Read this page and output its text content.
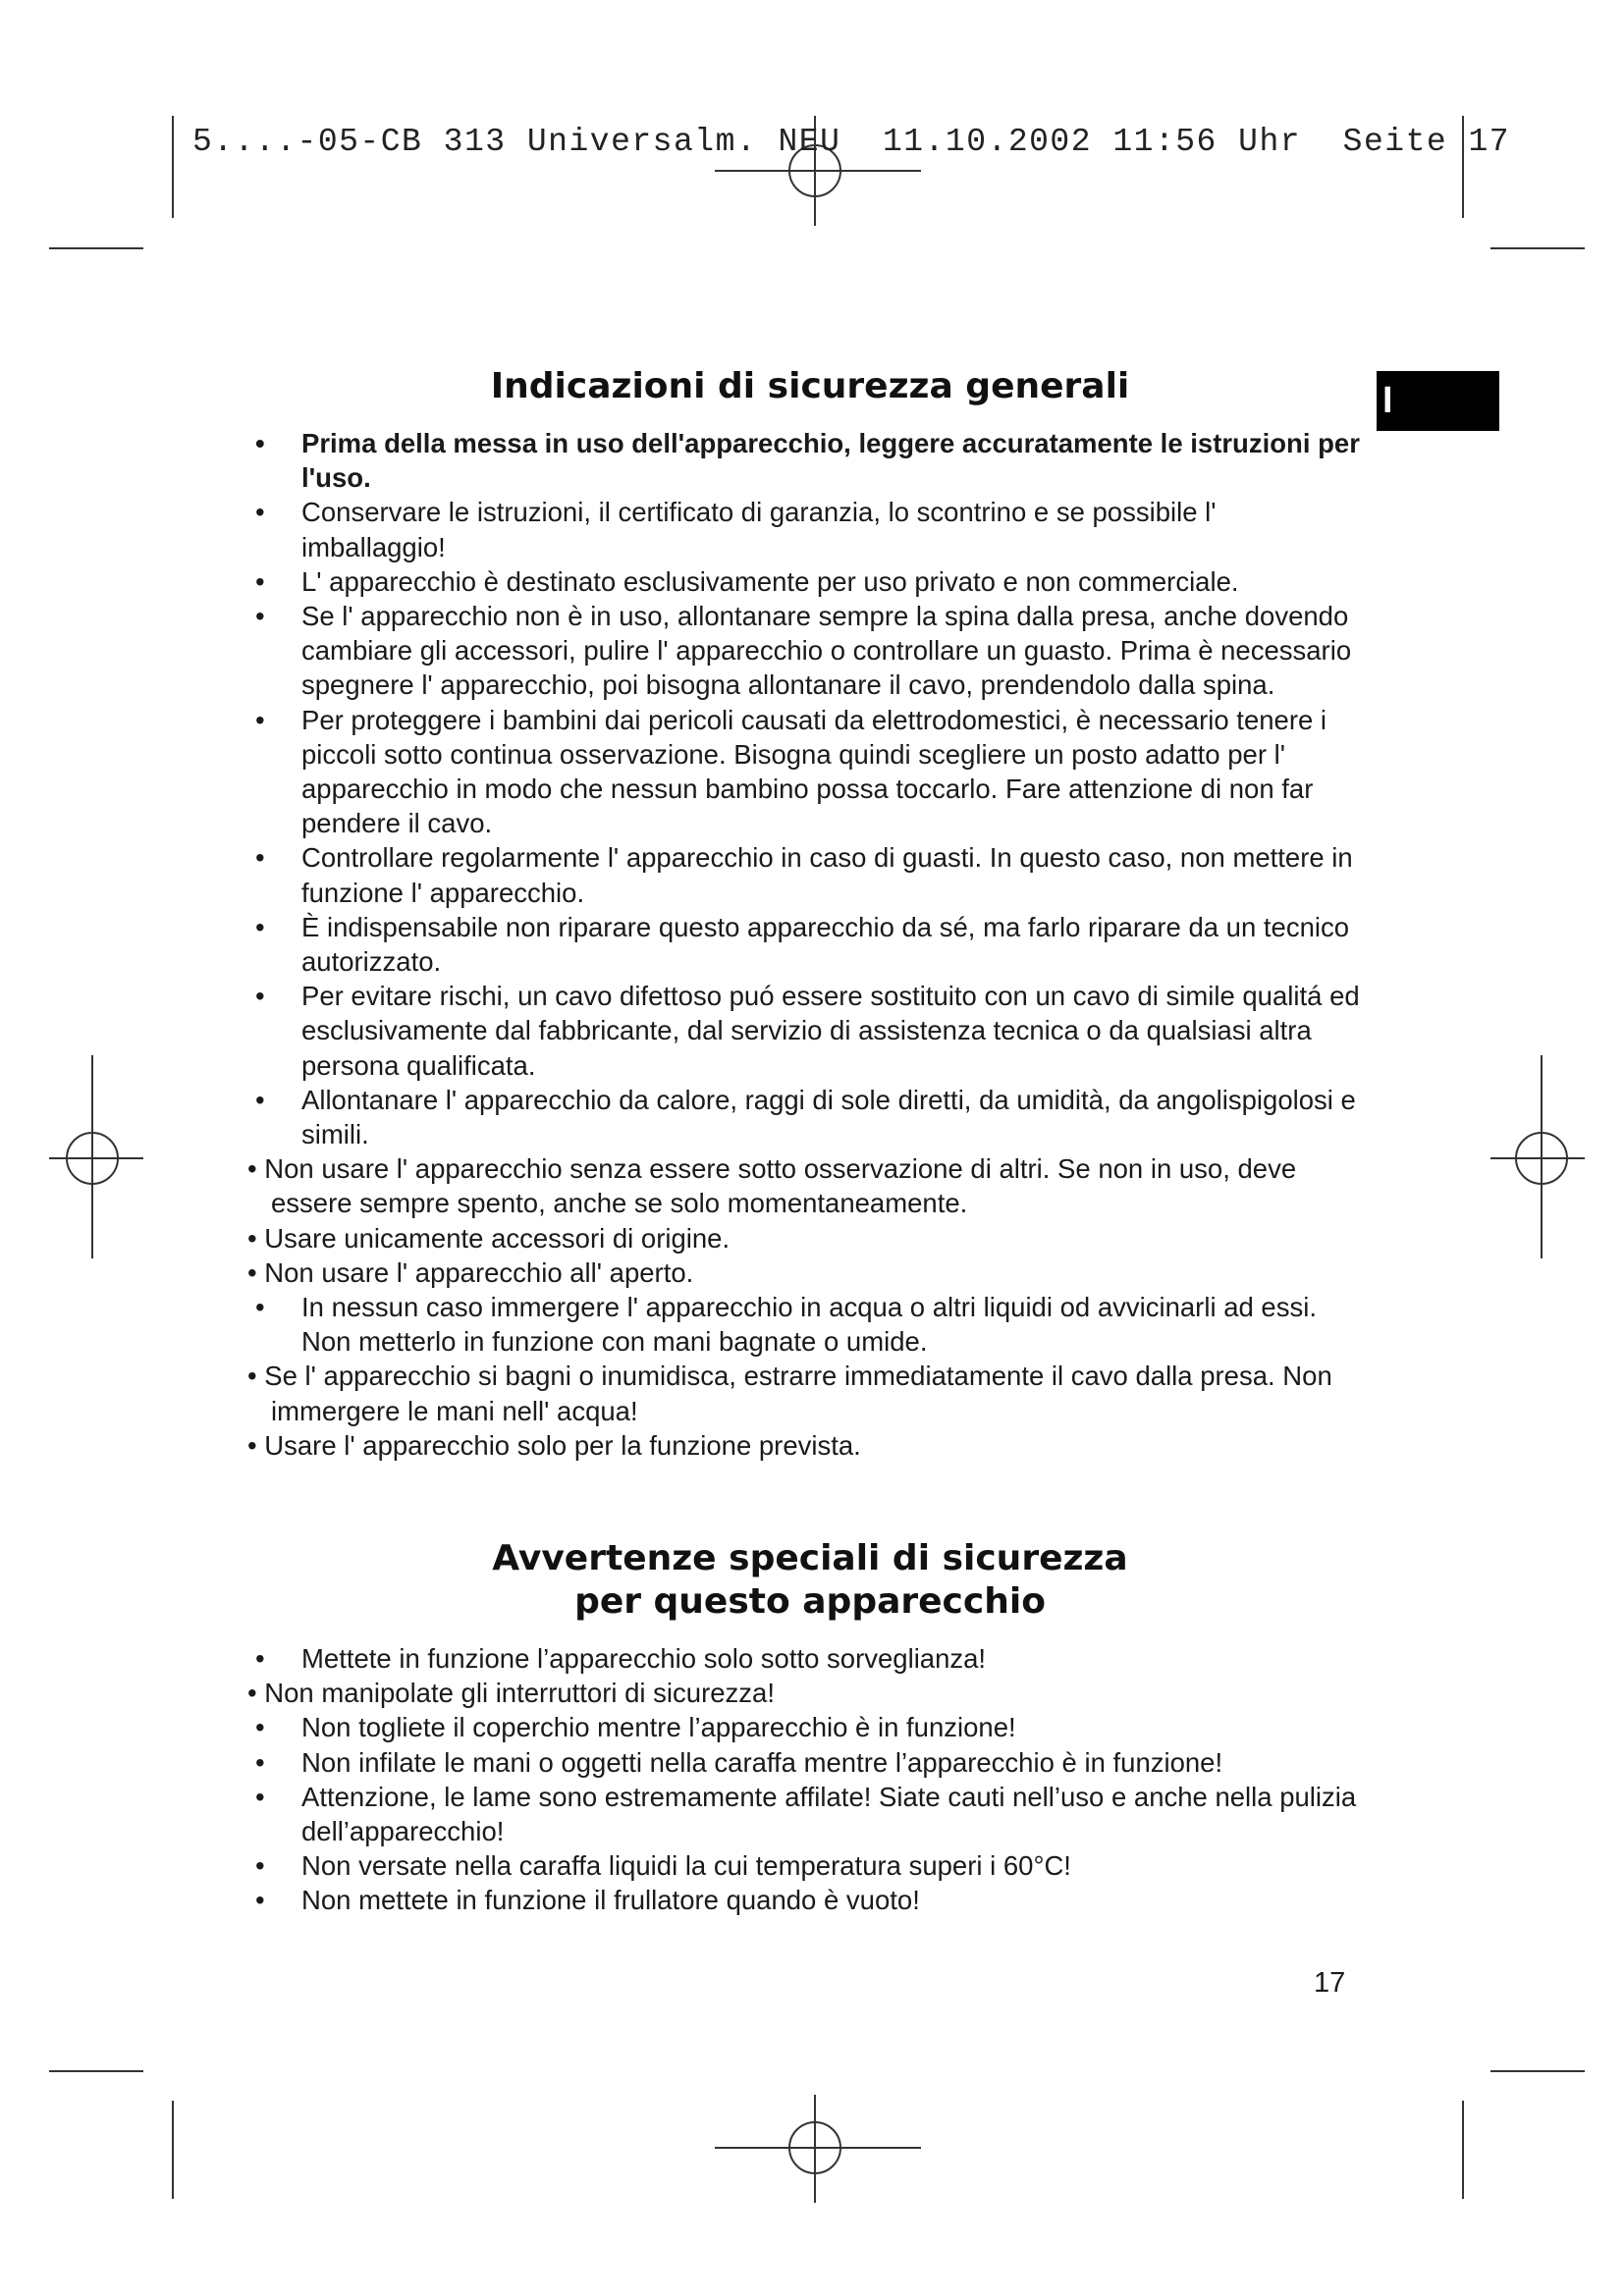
5....-05-CB 313 Universalm. NEU  11.10.2002 11:56 Uhr  Seite 17
I
Indicazioni di sicurezza generali
• Prima della messa in uso dell'apparecchio, leggere accuratamente le istruzioni per l'uso.
• Conservare le istruzioni, il certificato di garanzia, lo scontrino e se possibile l' imballaggio!
• L' apparecchio è destinato esclusivamente per uso privato e non commerciale.
• Se l' apparecchio non è in uso, allontanare sempre la spina dalla presa, anche dovendo cambiare gli accessori, pulire l' apparecchio o controllare un guasto. Prima è necessario spegnere l' apparecchio, poi bisogna allontanare il cavo, prendendolo dalla spina.
• Per proteggere i bambini dai pericoli causati da elettrodomestici, è necessario tenere i piccoli sotto continua osservazione. Bisogna quindi scegliere un posto adatto per l' apparecchio in modo che nessun bambino possa toccarlo. Fare attenzione di non far pendere il cavo.
• Controllare regolarmente l' apparecchio in caso di guasti. In questo caso, non mettere in funzione l' apparecchio.
• È indispensabile non riparare questo apparecchio da sé, ma farlo riparare da un tecnico autorizzato.
• Per evitare rischi, un cavo difettoso puó essere sostituito con un cavo di simile qualitá ed esclusivamente dal fabbricante, dal servizio di assistenza tecnica o da qualsiasi altra persona qualificata.
• Allontanare l' apparecchio da calore, raggi di sole diretti, da umidità, da angolispigolosi e simili.
• Non usare l' apparecchio senza essere sotto osservazione di altri. Se non in uso, deve essere sempre spento, anche se solo momentaneamente.
• Usare unicamente accessori di origine.
• Non usare l' apparecchio all' aperto.
• In nessun caso immergere l' apparecchio in acqua o altri liquidi od avvicinarli ad essi. Non metterlo in funzione con mani bagnate o umide.
• Se l' apparecchio si bagni o inumidisca, estrarre immediatamente il cavo dalla presa. Non immergere le mani nell' acqua!
• Usare l' apparecchio solo per la funzione prevista.
Avvertenze speciali di sicurezza
per questo apparecchio
• Mettete in funzione l’apparecchio solo sotto sorveglianza!
• Non manipolate gli interruttori di sicurezza!
• Non togliete il coperchio mentre l’apparecchio è in funzione!
• Non infilate le mani o oggetti nella caraffa mentre l’apparecchio è in funzione!
• Attenzione, le lame sono estremamente affilate! Siate cauti nell’uso e anche nella pulizia dell’apparecchio!
• Non versate nella caraffa liquidi la cui temperatura superi i 60°C!
• Non mettete in funzione il frullatore quando è vuoto!
17
